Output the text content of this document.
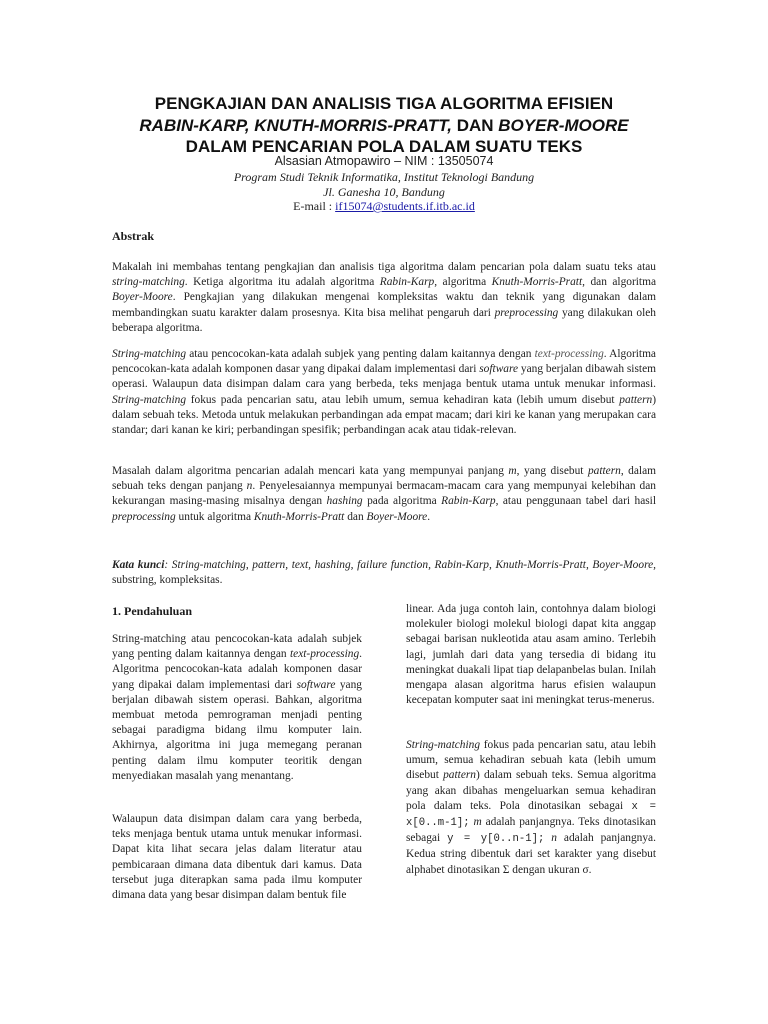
PENGKAJIAN DAN ANALISIS TIGA ALGORITMA EFISIEN
RABIN-KARP, KNUTH-MORRIS-PRATT, DAN BOYER-MOORE
DALAM PENCARIAN POLA DALAM SUATU TEKS
Alsasian Atmopawiro – NIM : 13505074
Program Studi Teknik Informatika, Institut Teknologi Bandung
Jl. Ganesha 10, Bandung
E-mail : if15074@students.if.itb.ac.id
Abstrak

Makalah ini membahas tentang pengkajian dan analisis tiga algoritma dalam pencarian pola dalam suatu teks atau string-matching. Ketiga algoritma itu adalah algoritma Rabin-Karp, algoritma Knuth-Morris-Pratt, dan algoritma Boyer-Moore. Pengkajian yang dilakukan mengenai kompleksitas waktu dan teknik yang digunakan dalam membandingkan suatu karakter dalam prosesnya. Kita bisa melihat pengaruh dari preprocessing yang dilakukan oleh beberapa algoritma.

String-matching atau pencocokan-kata adalah subjek yang penting dalam kaitannya dengan text-processing. Algoritma pencocokan-kata adalah komponen dasar yang dipakai dalam implementasi dari software yang berjalan dibawah sistem operasi. Walaupun data disimpan dalam cara yang berbeda, teks menjaga bentuk utama untuk menukar informasi. String-matching fokus pada pencarian satu, atau lebih umum, semua kehadiran kata (lebih umum disebut pattern) dalam sebuah teks. Metoda untuk melakukan perbandingan ada empat macam; dari kiri ke kanan yang merupakan cara standar; dari kanan ke kiri; perbandingan spesifik; perbandingan acak atau tidak-relevan.

Masalah dalam algoritma pencarian adalah mencari kata yang mempunyai panjang m, yang disebut pattern, dalam sebuah teks dengan panjang n. Penyelesaiannya mempunyai bermacam-macam cara yang mempunyai kelebihan dan kekurangan masing-masing misalnya dengan hashing pada algoritma Rabin-Karp, atau penggunaan tabel dari hasil preprocessing untuk algoritma Knuth-Morris-Pratt dan Boyer-Moore.

Kata kunci: String-matching, pattern, text, hashing, failure function, Rabin-Karp, Knuth-Morris-Pratt, Boyer-Moore, substring, kompleksitas.

1. Pendahuluan

String-matching atau pencocokan-kata adalah subjek yang penting dalam kaitannya dengan text-processing. Algoritma pencocokan-kata adalah komponen dasar yang dipakai dalam implementasi dari software yang berjalan dibawah sistem operasi. Bahkan, algoritma membuat metoda pemrograman menjadi penting sebagai paradigma bidang ilmu komputer lain. Akhirnya, algoritma ini juga memegang peranan penting dalam ilmu komputer teoritik dengan menyediakan masalah yang menantang.

Walaupun data disimpan dalam cara yang berbeda, teks menjaga bentuk utama untuk menukar informasi. Dapat kita lihat secara jelas dalam literatur atau pembicaraan dimana data dibentuk dari kamus. Data tersebut juga diterapkan sama pada ilmu komputer dimana data yang besar disimpan dalam bentuk file

linear. Ada juga contoh lain, contohnya dalam biologi molekuler biologi molekul biologi dapat kita anggap sebagai barisan nukleotida atau asam amino. Terlebih lagi, jumlah dari data yang tersedia di bidang itu meningkat duakali lipat tiap delapanbelas bulan. Inilah mengapa alasan algoritma harus efisien walaupun kecepatan komputer saat ini meningkat terus-menerus.

String-matching fokus pada pencarian satu, atau lebih umum, semua kehadiran sebuah kata (lebih umum disebut pattern) dalam sebuah teks. Semua algoritma yang akan dibahas mengeluarkan semua kehadiran pola dalam teks. Pola dinotasikan sebagai x = x[0..m-1]; m adalah panjangnya. Teks dinotasikan sebagai y = y[0..n-1]; n adalah panjangnya. Kedua string dibentuk dari set karakter yang disebut alphabet dinotasikan Σ dengan ukuran σ.
